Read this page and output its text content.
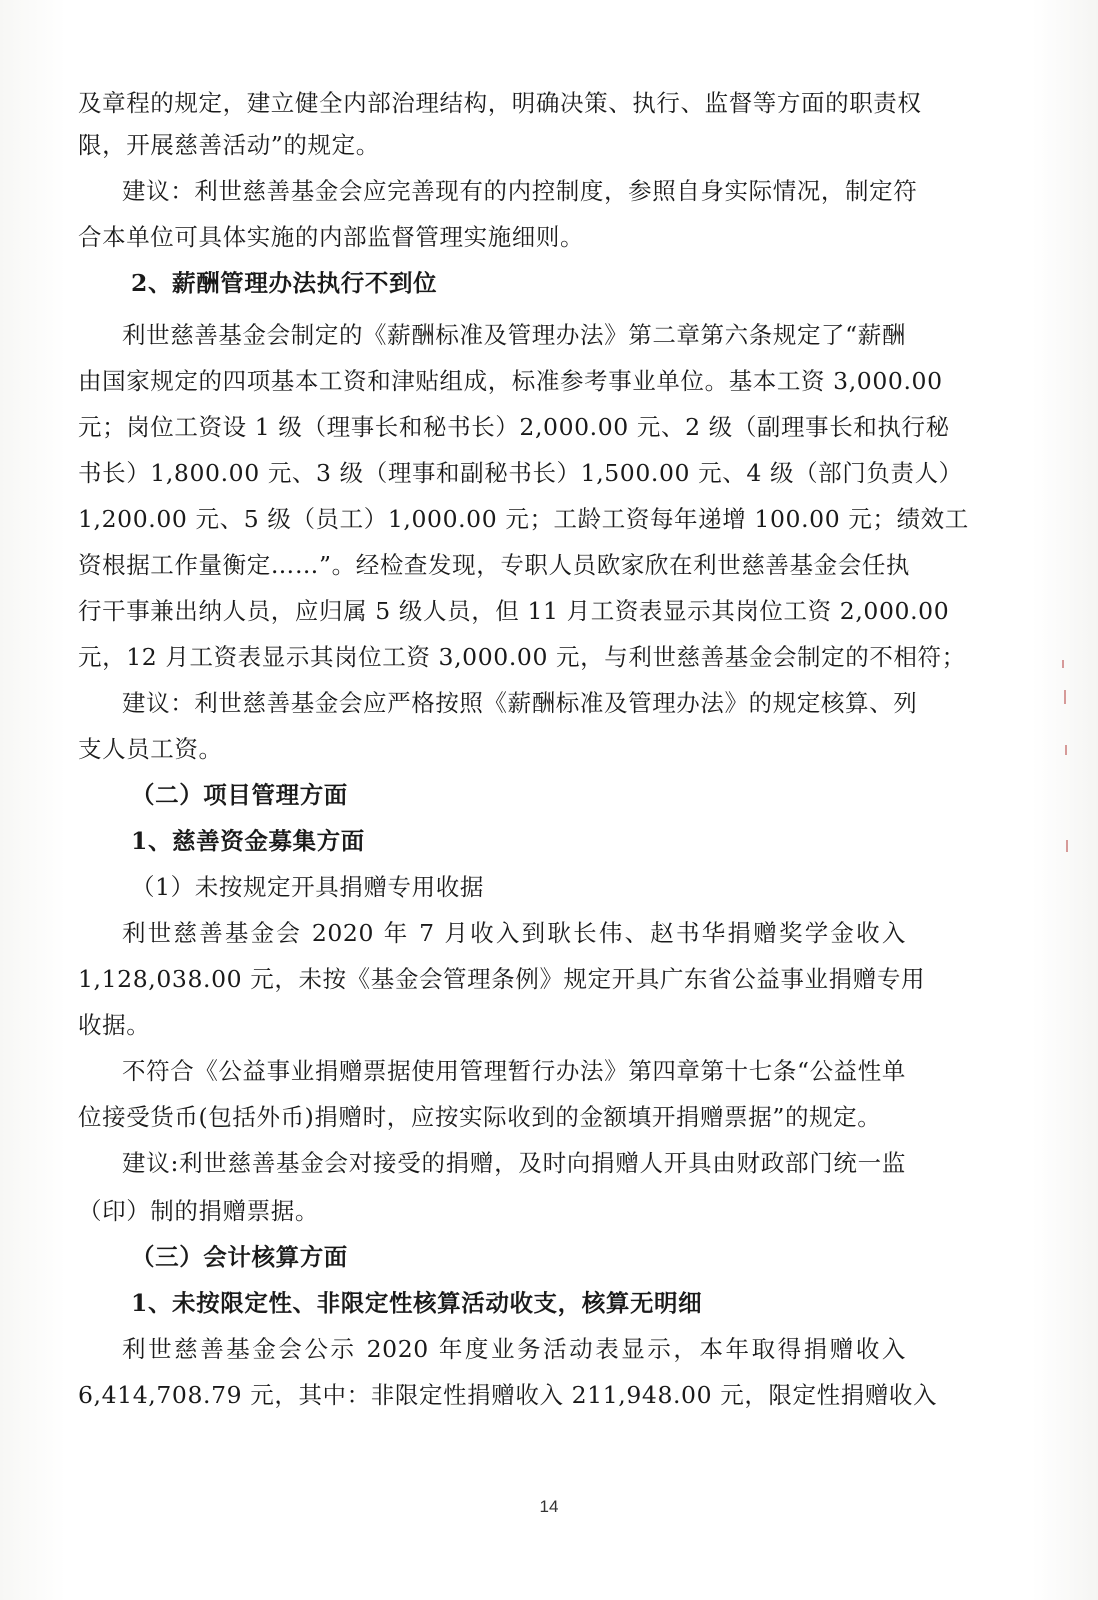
及章程的规定，建立健全内部治理结构，明确决策、执行、监督等方面的职责权

限，开展慈善活动”的规定。

建议：利世慈善基金会应完善现有的内控制度，参照自身实际情况，制定符

合本单位可具体实施的内部监督管理实施细则。

2、薪酬管理办法执行不到位

利世慈善基金会制定的《薪酬标准及管理办法》第二章第六条规定了“薪酬

由国家规定的四项基本工资和津贴组成，标准参考事业单位。基本工资 3,000.00

元；岗位工资设 1 级（理事长和秘书长）2,000.00 元、2 级（副理事长和执行秘

书长）1,800.00 元、3 级（理事和副秘书长）1,500.00 元、4 级（部门负责人）

1,200.00 元、5 级（员工）1,000.00 元；工龄工资每年递增 100.00 元；绩效工

资根据工作量衡定……”。经检查发现，专职人员欧家欣在利世慈善基金会任执

行干事兼出纳人员，应归属 5 级人员，但 11 月工资表显示其岗位工资 2,000.00

元，12 月工资表显示其岗位工资 3,000.00 元，与利世慈善基金会制定的不相符；

建议：利世慈善基金会应严格按照《薪酬标准及管理办法》的规定核算、列

支人员工资。

（二）项目管理方面

1、慈善资金募集方面

（1）未按规定开具捐赠专用收据

利世慈善基金会 2020 年 7 月收入到耿长伟、赵书华捐赠奖学金收入

1,128,038.00 元，未按《基金会管理条例》规定开具广东省公益事业捐赠专用

收据。

不符合《公益事业捐赠票据使用管理暂行办法》第四章第十七条“公益性单

位接受货币(包括外币)捐赠时，应按实际收到的金额填开捐赠票据”的规定。

建议:利世慈善基金会对接受的捐赠，及时向捐赠人开具由财政部门统一监

（印）制的捐赠票据。

（三）会计核算方面

1、未按限定性、非限定性核算活动收支，核算无明细

利世慈善基金会公示 2020 年度业务活动表显示，本年取得捐赠收入

6,414,708.79 元，其中：非限定性捐赠收入 211,948.00 元，限定性捐赠收入

14
